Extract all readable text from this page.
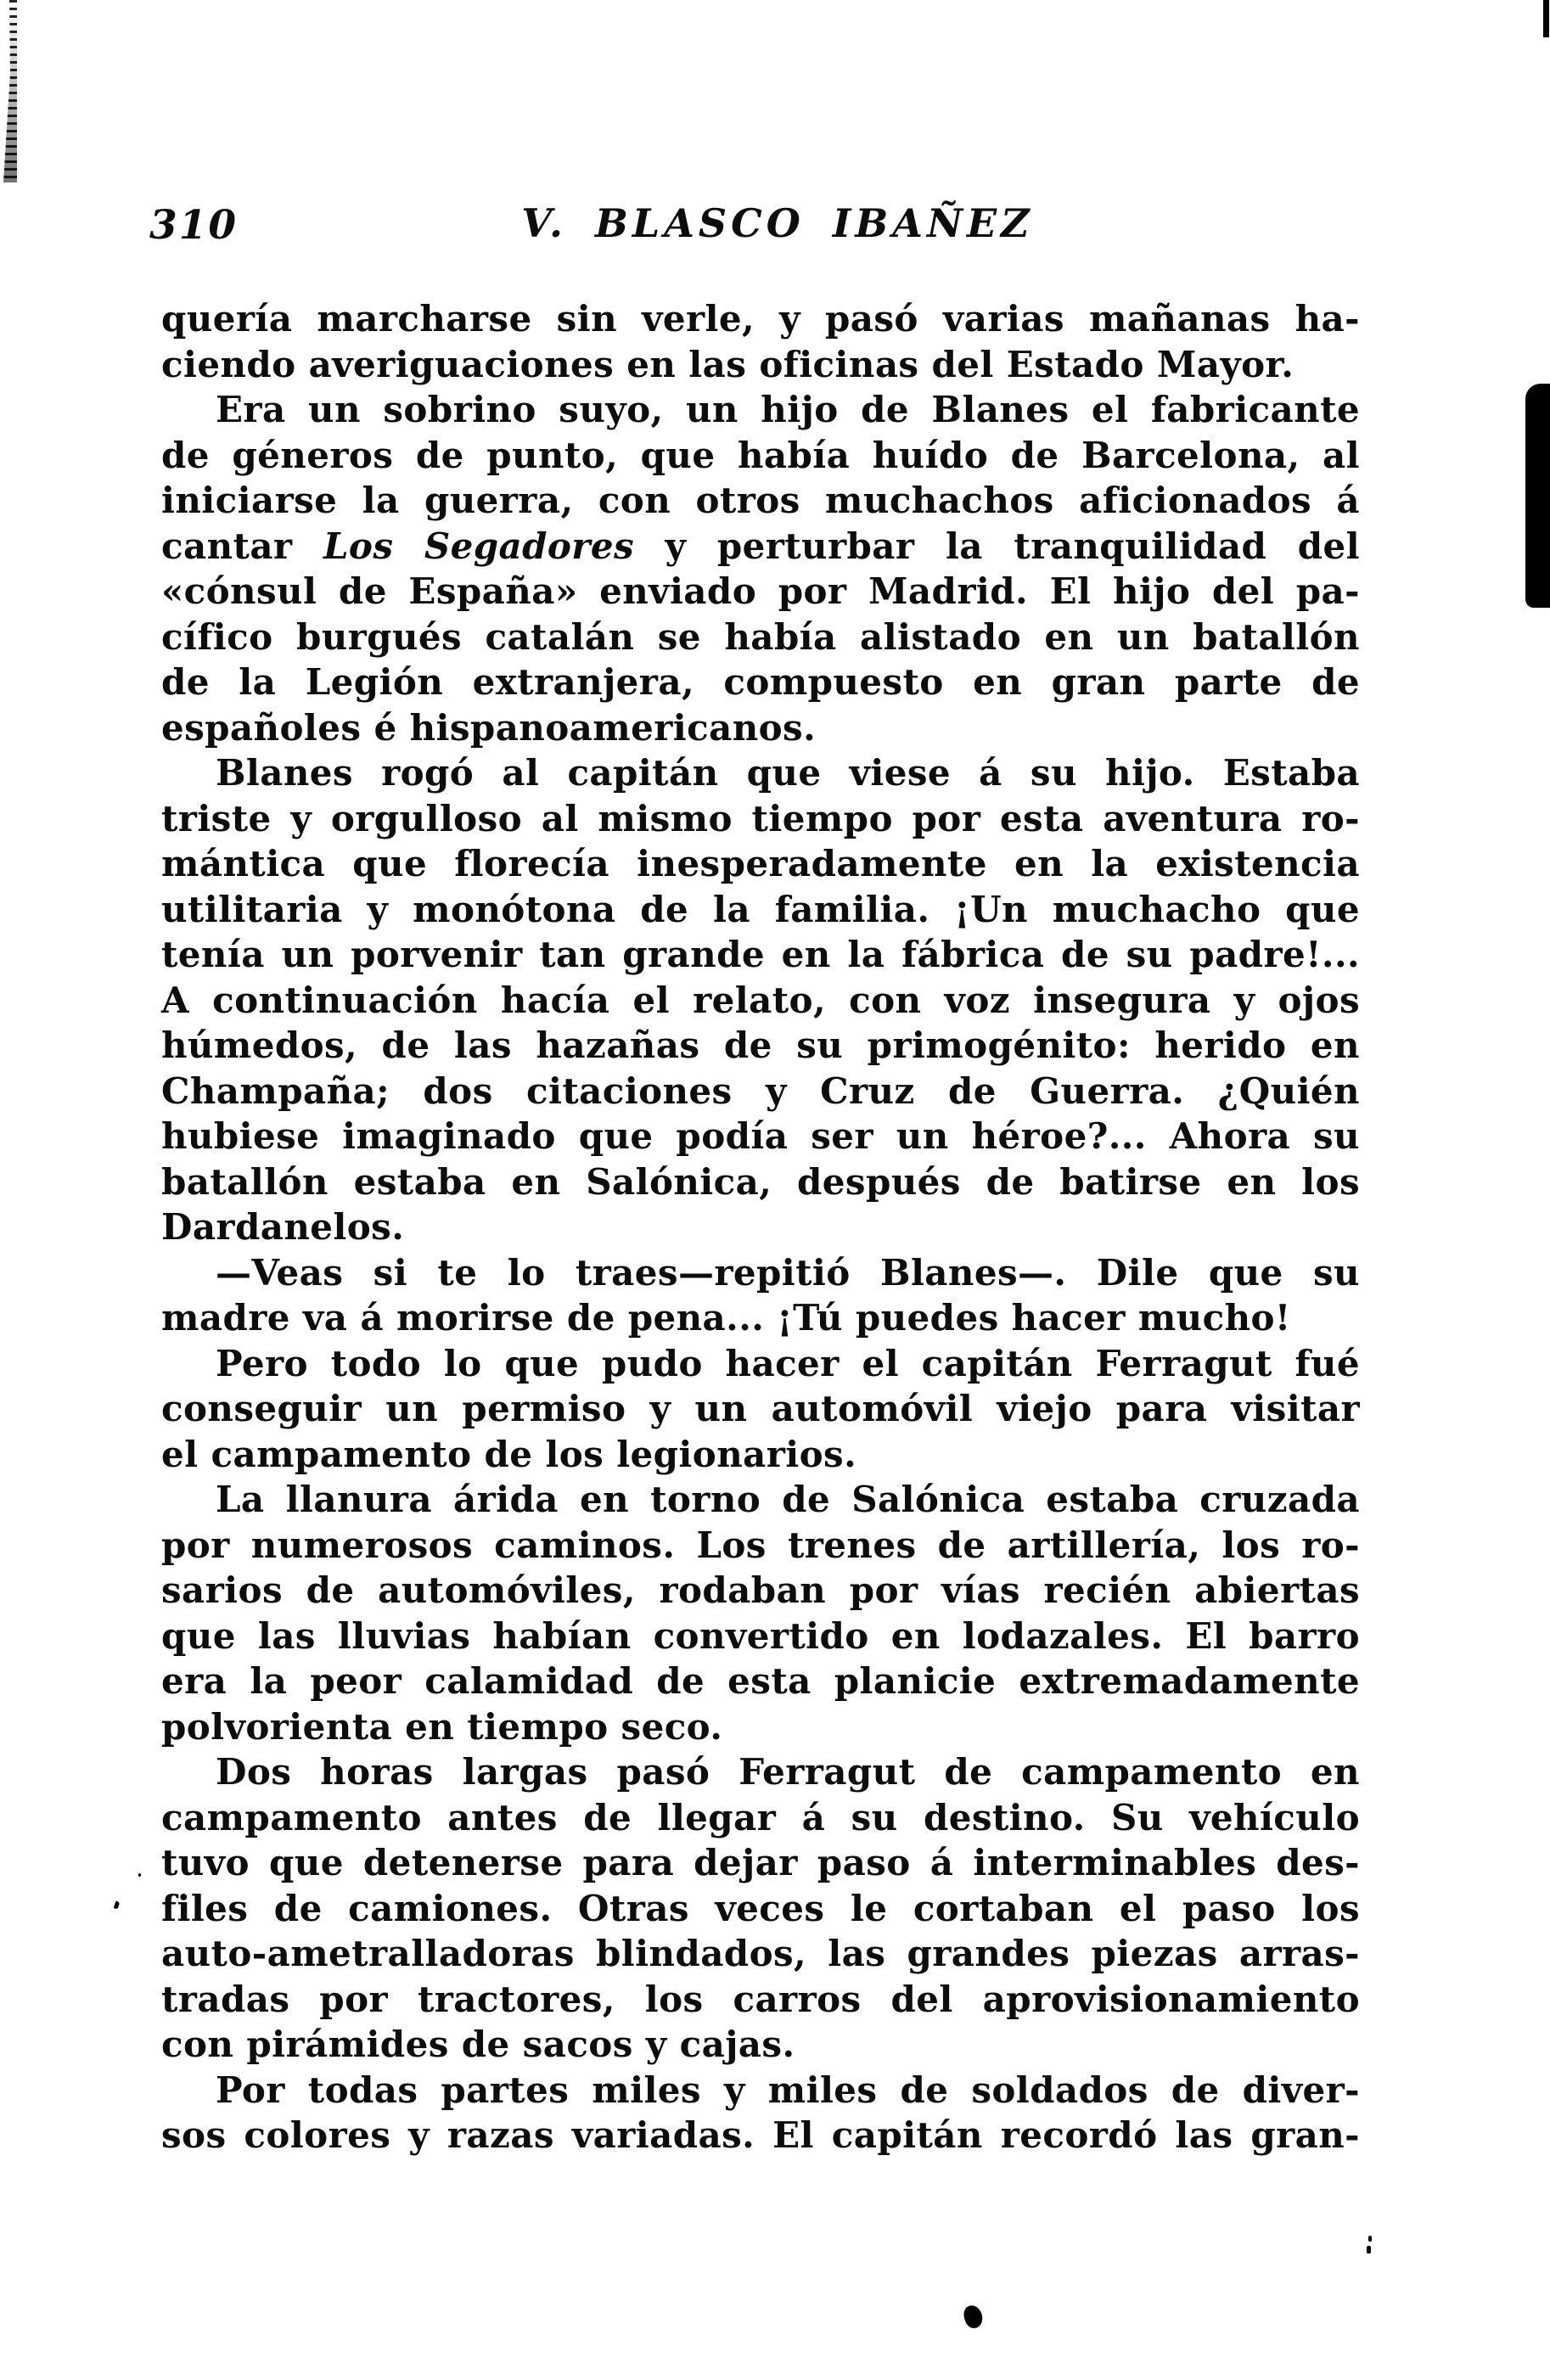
310	V. BLASCO IBAÑEZ
quería marcharse sin verle, y pasó varias mañanas ha-
ciendo averiguaciones en las oficinas del Estado Mayor.
Era un sobrino suyo, un hijo de Blanes el fabricante
de géneros de punto, que había huído de Barcelona, al
iniciarse la guerra, con otros muchachos aficionados á
cantar Los Segadores y perturbar la tranquilidad del
«cónsul de España» enviado por Madrid. El hijo del pa-
cífico burgués catalán se había alistado en un batallón
de la Legión extranjera, compuesto en gran parte de
españoles é hispanoamericanos.
Blanes rogó al capitán que viese á su hijo. Estaba
triste y orgulloso al mismo tiempo por esta aventura ro-
mántica que florecía inesperadamente en la existencia
utilitaria y monótona de la familia. ¡Un muchacho que
tenía un porvenir tan grande en la fábrica de su padre!...
A continuación hacía el relato, con voz insegura y ojos
húmedos, de las hazañas de su primogénito: herido en
Champaña; dos citaciones y Cruz de Guerra. ¿Quién
hubiese imaginado que podía ser un héroe?... Ahora su
batallón estaba en Salónica, después de batirse en los
Dardanelos.
—Veas si te lo traes—repitió Blanes—. Dile que su
madre va á morirse de pena... ¡Tú puedes hacer mucho!
Pero todo lo que pudo hacer el capitán Ferragut fué
conseguir un permiso y un automóvil viejo para visitar
el campamento de los legionarios.
La llanura árida en torno de Salónica estaba cruzada
por numerosos caminos. Los trenes de artillería, los ro-
sarios de automóviles, rodaban por vías recién abiertas
que las lluvias habían convertido en lodazales. El barro
era la peor calamidad de esta planicie extremadamente
polvorienta en tiempo seco.
Dos horas largas pasó Ferragut de campamento en
campamento antes de llegar á su destino. Su vehículo
tuvo que detenerse para dejar paso á interminables des-
files de camiones. Otras veces le cortaban el paso los
auto-ametralladoras blindados, las grandes piezas arras-
tradas por tractores, los carros del aprovisionamiento
con pirámides de sacos y cajas.
Por todas partes miles y miles de soldados de diver-
sos colores y razas variadas. El capitán recordó las gran-
